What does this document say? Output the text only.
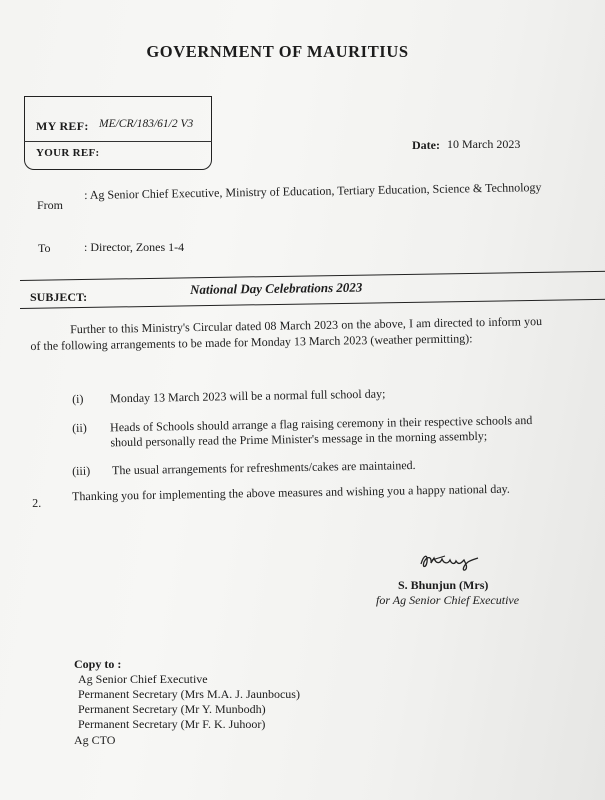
GOVERNMENT OF MAURITIUS
MY REF: ME/CR/183/61/2 V3
YOUR REF:
Date: 10 March 2023
From
: Ag Senior Chief Executive, Ministry of Education, Tertiary Education, Science & Technology
To	: Director, Zones 1-4
SUBJECT:
National Day Celebrations 2023
Further to this Ministry's Circular dated 08 March 2023 on the above, I am directed to inform you of the following arrangements to be made for Monday 13 March 2023 (weather permitting):
(i) Monday 13 March 2023 will be a normal full school day;
(ii) Heads of Schools should arrange a flag raising ceremony in their respective schools and should personally read the Prime Minister's message in the morning assembly;
(iii) The usual arrangements for refreshments/cakes are maintained.
2.	Thanking you for implementing the above measures and wishing you a happy national day.
S. Bhunjun (Mrs)
for Ag Senior Chief Executive
Copy to :
Ag Senior Chief Executive
Permanent Secretary (Mrs M.A. J. Jaunbocus)
Permanent Secretary (Mr Y. Munbodh)
Permanent Secretary (Mr F. K. Juhoor)
Ag CTO
